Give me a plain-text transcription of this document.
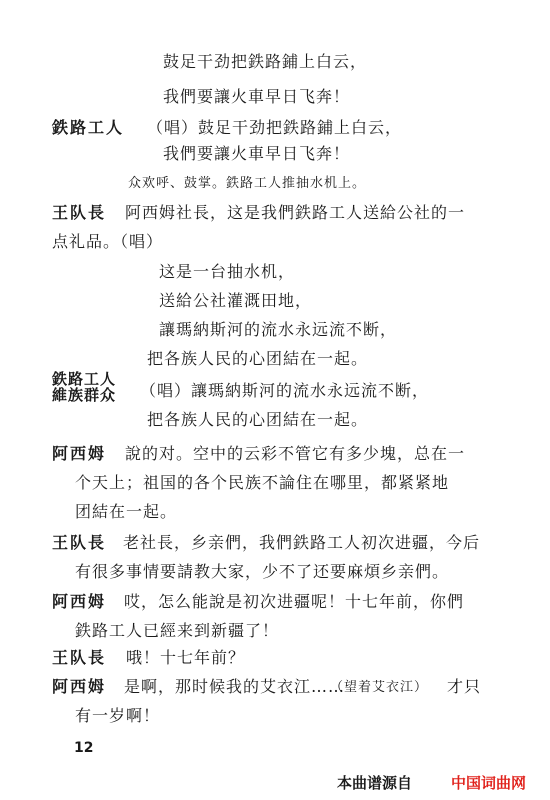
鼓足干劲把鉄路鋪上白云，
我們要讓火車早日飞奔！
鉄路工人 （唱）鼓足干劲把鉄路鋪上白云，
我們要讓火車早日飞奔！
众欢呼、鼓掌。鉄路工人推抽水机上。
王队長 阿西姆社長，这是我們鉄路工人送給公社的一
点礼品。（唱）
这是一台抽水机，
送給公社灌溉田地，
讓瑪納斯河的流水永远流不断，
把各族人民的心团結在一起。
鉄路工人
維族群众 （唱）讓瑪納斯河的流水永远流不断，
把各族人民的心团結在一起。
阿西姆 說的对。空中的云彩不管它有多少塊，总在一
个天上；祖国的各个民族不論住在哪里，都紧紧地
团結在一起。
王队長 老社長，乡亲們，我們鉄路工人初次进疆，今后
有很多事情要請教大家，少不了还要麻煩乡亲們。
阿西姆 哎，怎么能說是初次进疆呢！十七年前，你們
鉄路工人已經来到新疆了！
王队長 哦！十七年前？
阿西姆 是啊，那时候我的艾衣江……
（望着艾衣江） 才只
有一岁啊！
12
本曲谱源自	中国词曲网
